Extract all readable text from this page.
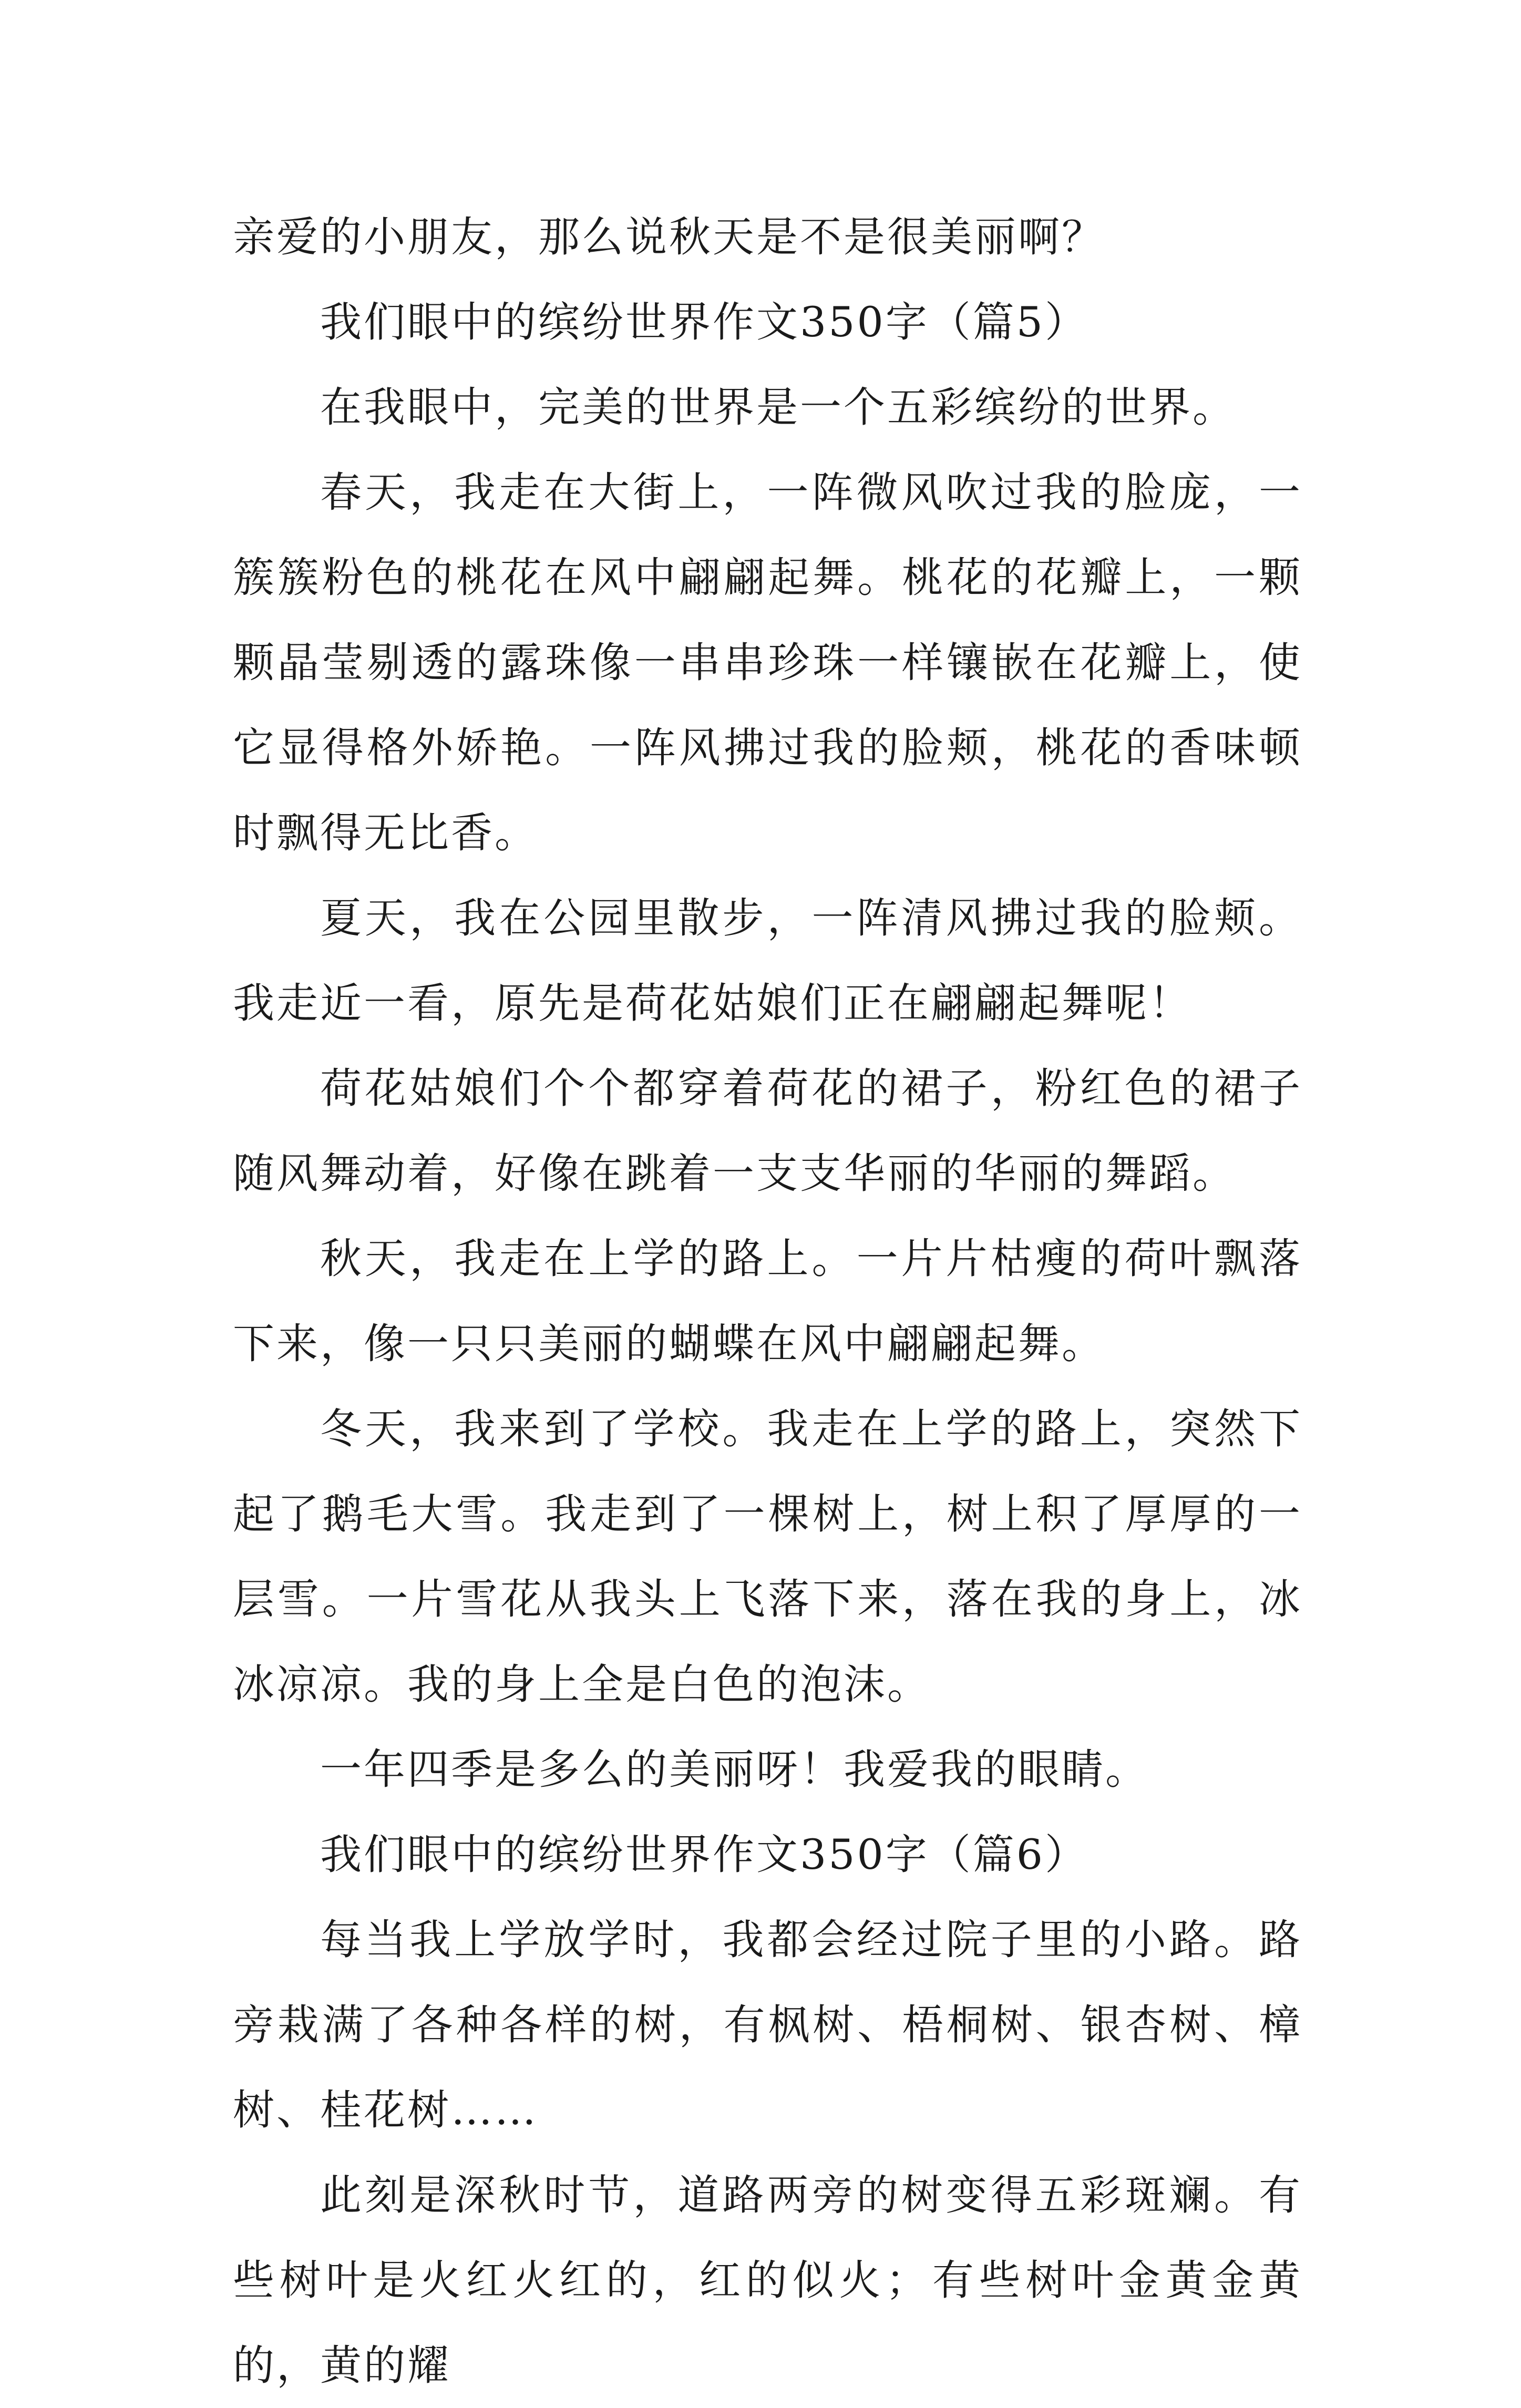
亲爱的小朋友，那么说秋天是不是很美丽啊？

我们眼中的缤纷世界作文350字（篇5）

在我眼中，完美的世界是一个五彩缤纷的世界。

春天，我走在大街上，一阵微风吹过我的脸庞，一簇簇粉色的桃花在风中翩翩起舞。桃花的花瓣上，一颗颗晶莹剔透的露珠像一串串珍珠一样镶嵌在花瓣上，使它显得格外娇艳。一阵风拂过我的脸颊，桃花的香味顿时飘得无比香。

夏天，我在公园里散步，一阵清风拂过我的脸颊。我走近一看，原先是荷花姑娘们正在翩翩起舞呢！

荷花姑娘们个个都穿着荷花的裙子，粉红色的裙子随风舞动着，好像在跳着一支支华丽的华丽的舞蹈。

秋天，我走在上学的路上。一片片枯瘦的荷叶飘落下来，像一只只美丽的蝴蝶在风中翩翩起舞。

冬天，我来到了学校。我走在上学的路上，突然下起了鹅毛大雪。我走到了一棵树上，树上积了厚厚的一层雪。一片雪花从我头上飞落下来，落在我的身上，冰冰凉凉。我的身上全是白色的泡沫。

一年四季是多么的美丽呀！我爱我的眼睛。

我们眼中的缤纷世界作文350字（篇6）

每当我上学放学时，我都会经过院子里的小路。路旁栽满了各种各样的树，有枫树、梧桐树、银杏树、樟树、桂花树……

此刻是深秋时节，道路两旁的树变得五彩斑斓。有些树叶是火红火红的，红的似火；有些树叶金黄金黄的，黄的耀
